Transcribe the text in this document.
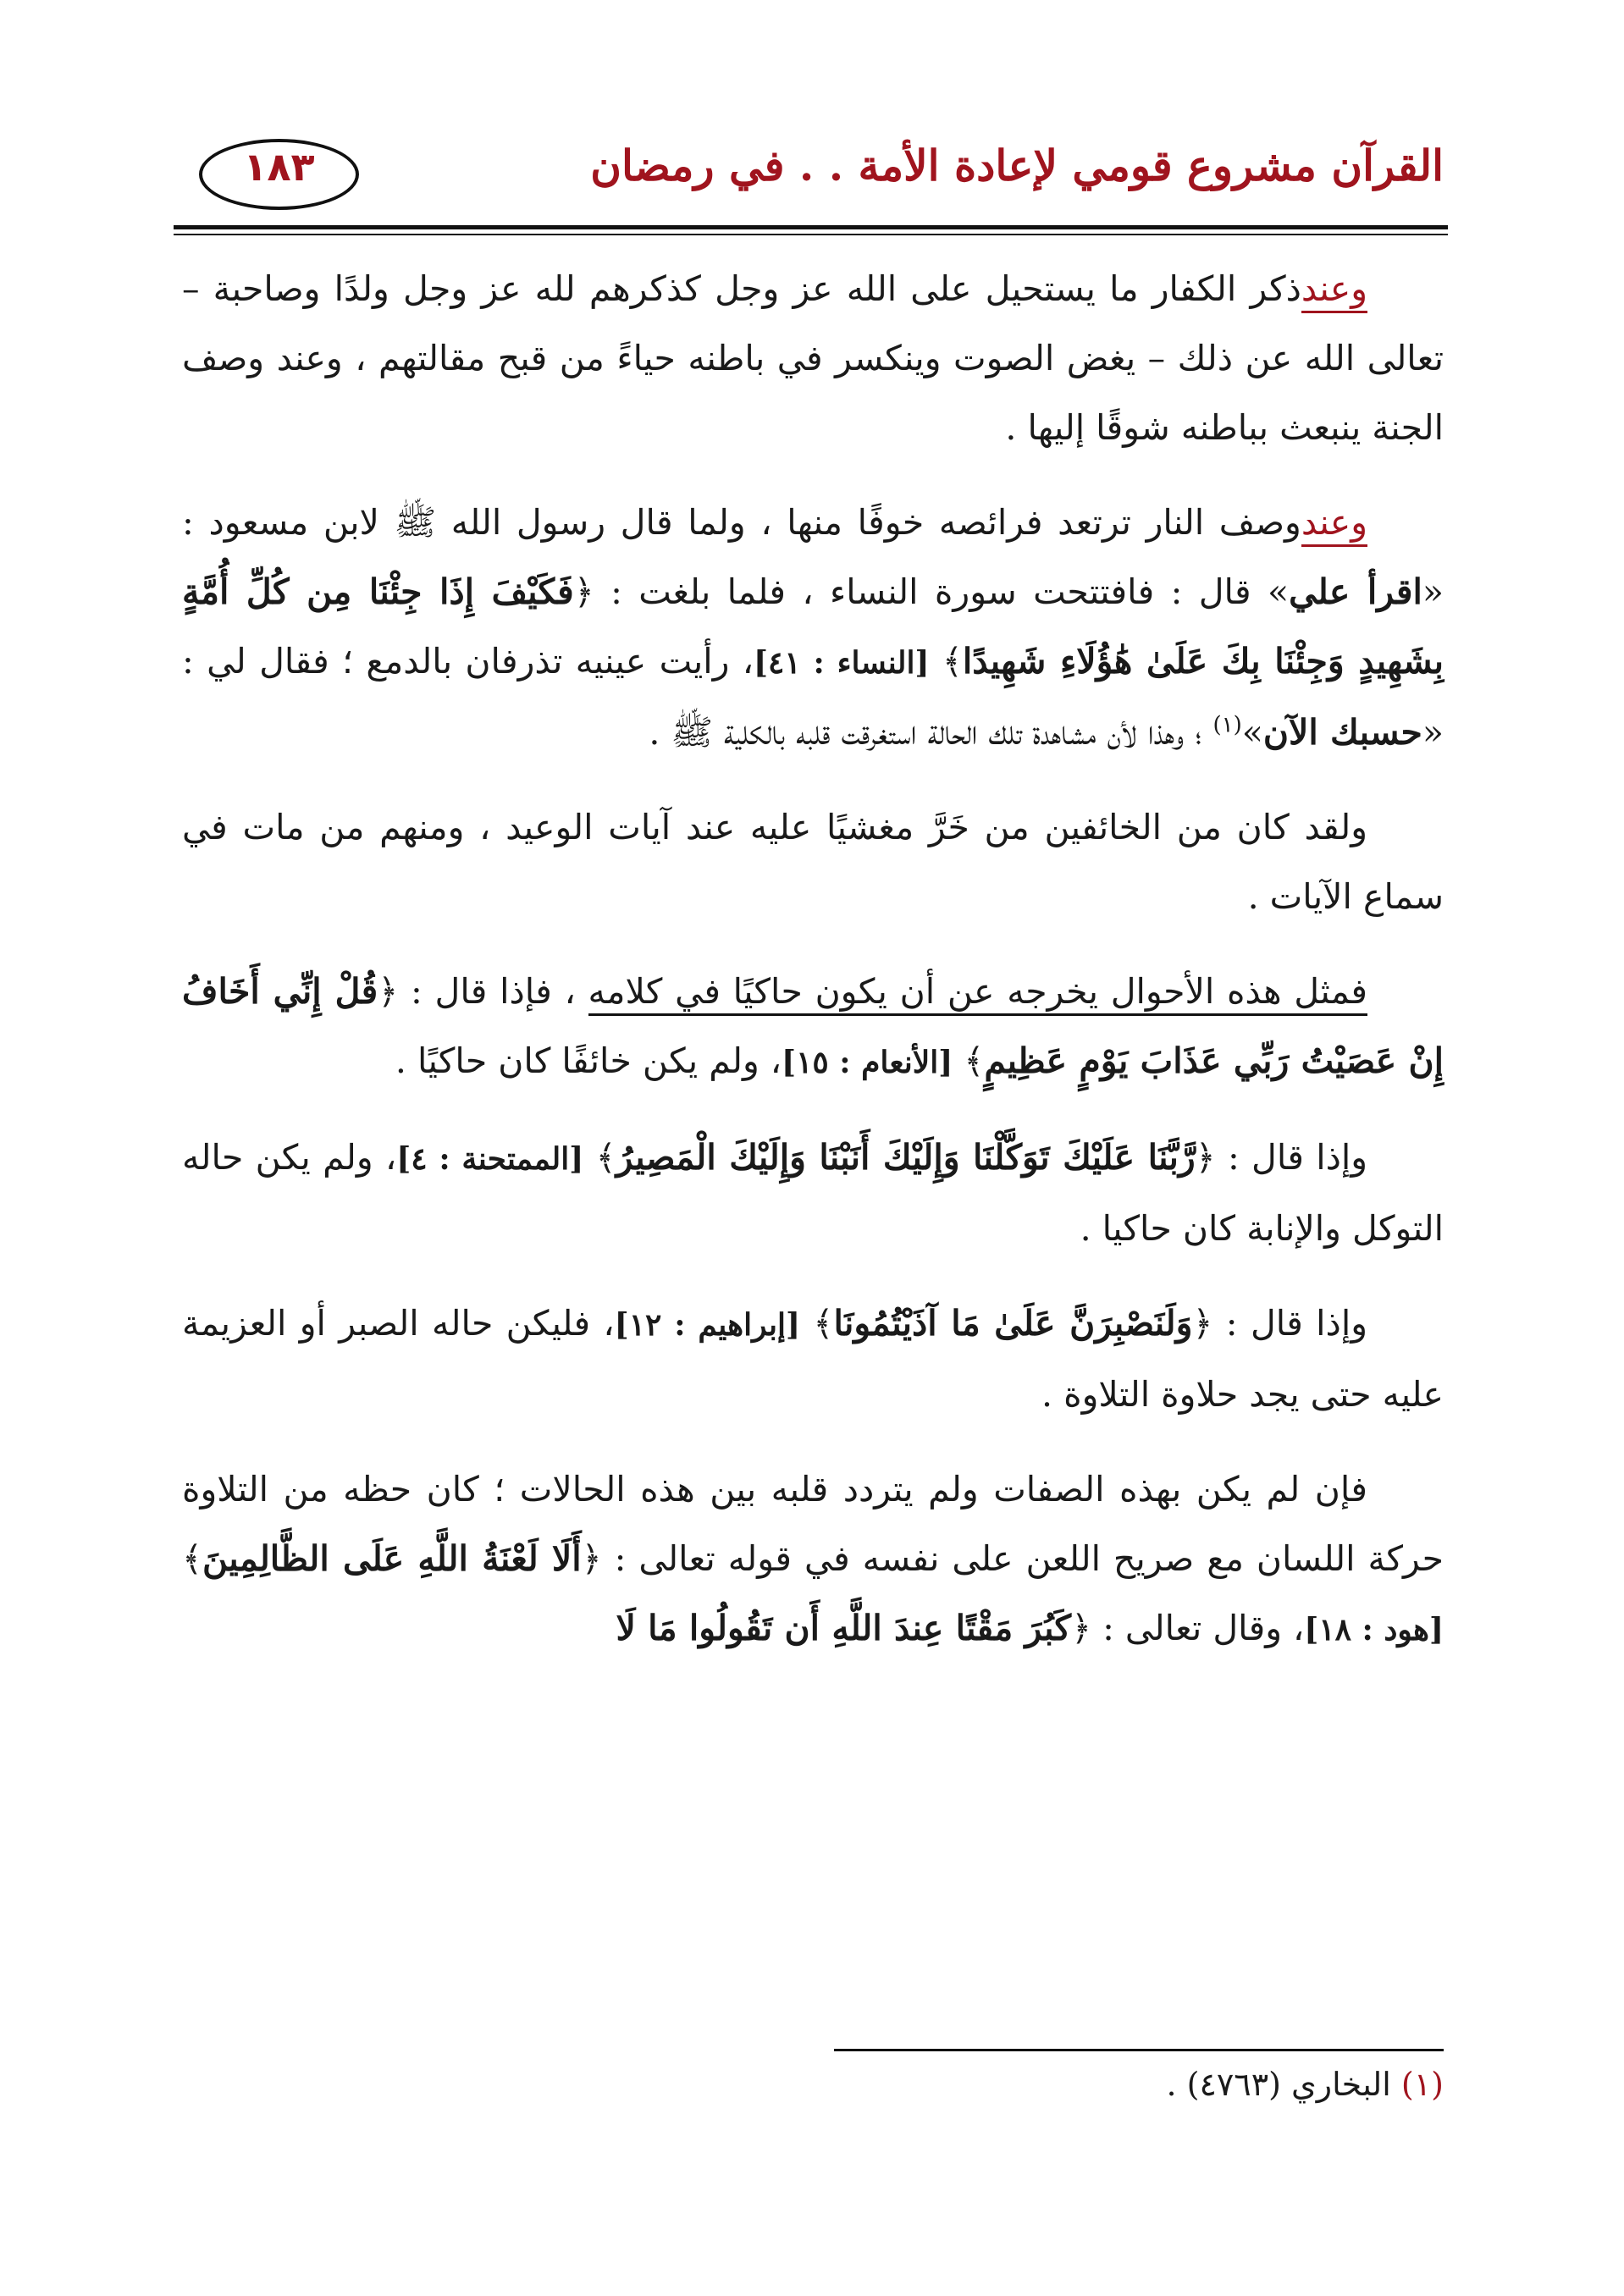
القرآن مشروع قومي لإعادة الأمة . . في رمضان
١٨٣

وعندذكر الكفار ما يستحيل على الله عز وجل كذكرهم لله عز وجل ولدًا وصاحبة – تعالى الله عن ذلك – يغض الصوت وينكسر في باطنه حياءً من قبح مقالتهم ، وعند وصف الجنة ينبعث بباطنه شوقًا إليها .

وعندوصف النار ترتعد فرائصه خوفًا منها ، ولما قال رسول الله ﷺ لابن مسعود : «اقرأ علي» قال : فافتتحت سورة النساء ، فلما بلغت : ﴿فَكَيْفَ إِذَا جِئْنَا مِن كُلِّ أُمَّةٍ بِشَهِيدٍ وَجِئْنَا بِكَ عَلَىٰ هَٰؤُلَاءِ شَهِيدًا﴾ [النساء : ٤١]، رأيت عينيه تذرفان بالدمع ؛ فقال لي : «حسبك الآن»$^{(١)}$ ؛ وهذا لأن مشاهدة تلك الحالة استغرقت قلبه بالكلية ﷺ .

ولقد كان من الخائفين من خَرَّ مغشيًا عليه عند آيات الوعيد ، ومنهم من مات في سماع الآيات .

فمثل هذه الأحوال يخرجه عن أن يكون حاكيًا في كلامه ، فإذا قال : ﴿قُلْ إِنِّي أَخَافُ إِنْ عَصَيْتُ رَبِّي عَذَابَ يَوْمٍ عَظِيمٍ﴾ [الأنعام : ١٥]، ولم يكن خائفًا كان حاكيًا .

وإذا قال : ﴿رَّبَّنَا عَلَيْكَ تَوَكَّلْنَا وَإِلَيْكَ أَنَبْنَا وَإِلَيْكَ الْمَصِيرُ﴾ [الممتحنة : ٤]، ولم يكن حاله التوكل والإنابة كان حاكيا .

وإذا قال : ﴿وَلَنَصْبِرَنَّ عَلَىٰ مَا آذَيْتُمُونَا﴾ [إبراهيم : ١٢]، فليكن حاله الصبر أو العزيمة عليه حتى يجد حلاوة التلاوة .

فإن لم يكن بهذه الصفات ولم يتردد قلبه بين هذه الحالات ؛ كان حظه من التلاوة حركة اللسان مع صريح اللعن على نفسه في قوله تعالى : ﴿أَلَا لَعْنَةُ اللَّهِ عَلَى الظَّالِمِينَ﴾ [هود : ١٨]، وقال تعالى : ﴿كَبُرَ مَقْتًا عِندَ اللَّهِ أَن تَقُولُوا مَا لَا

(١) البخاري (٤٧٦٣) .
